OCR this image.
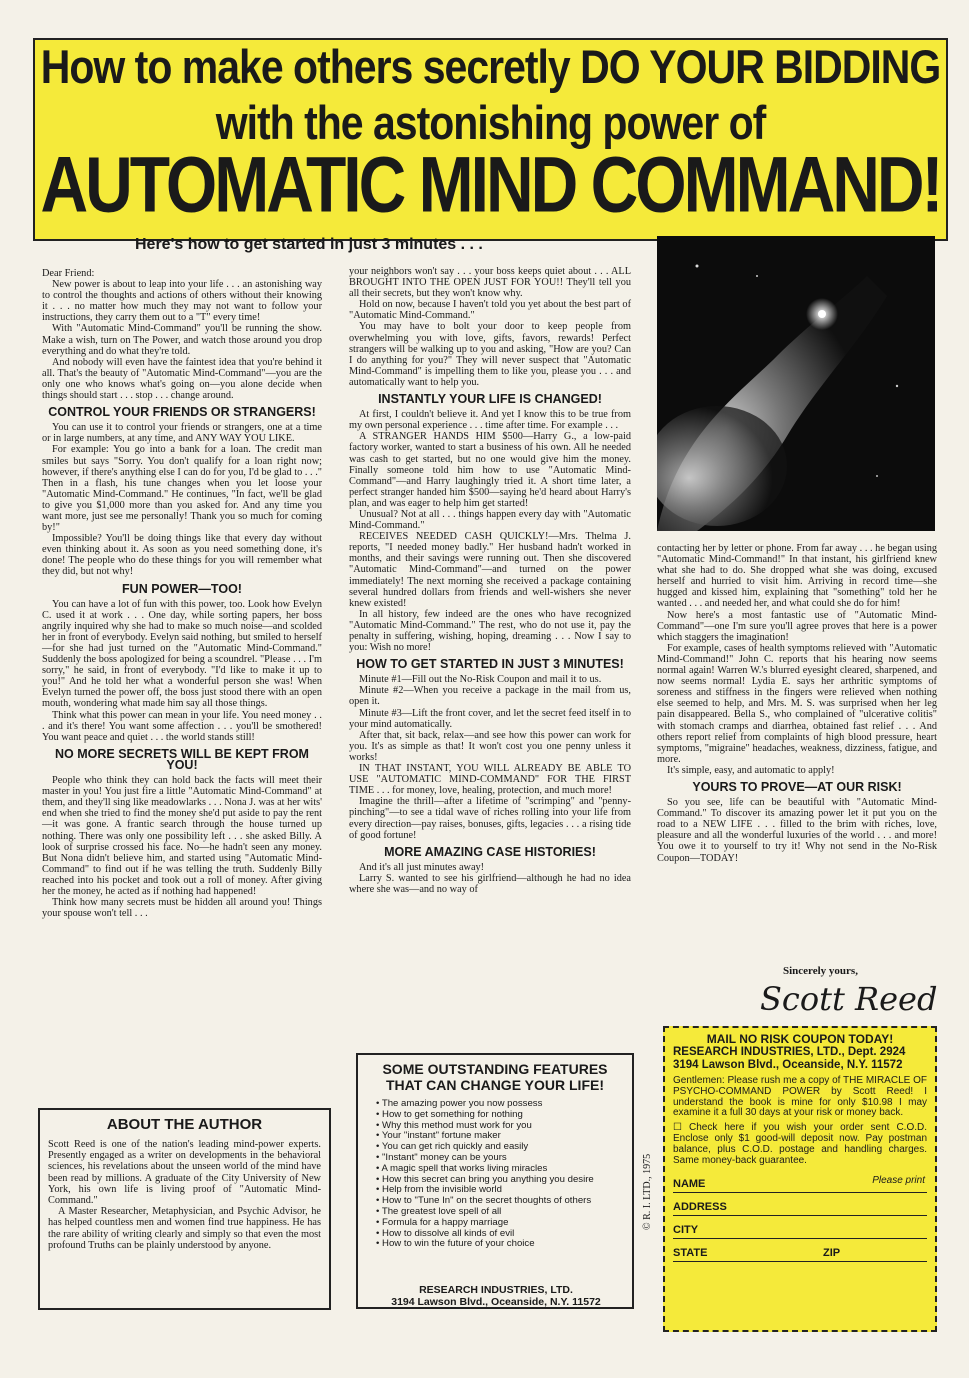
How to make others secretly DO YOUR BIDDING
with the astonishing power of
AUTOMATIC MIND COMMAND!
Here's how to get started in just 3 minutes . . .

Dear Friend:

New power is about to leap into your life . . . an astonishing way to control the thoughts and actions of others without their knowing it . . . no matter how much they may not want to follow your instructions, they carry them out to a "T" every time!

With "Automatic Mind-Command" you'll be running the show. Make a wish, turn on The Power, and watch those around you drop everything and do what they're told.

And nobody will even have the faintest idea that you're behind it all. That's the beauty of "Automatic Mind-Command"—you are the only one who knows what's going on—you alone decide when things should start . . . stop . . . change around.

CONTROL YOUR FRIENDS OR STRANGERS!

You can use it to control your friends or strangers, one at a time or in large numbers, at any time, and ANY WAY YOU LIKE.

For example: You go into a bank for a loan. The credit man smiles but says "Sorry. You don't qualify for a loan right now; however, if there's anything else I can do for you, I'd be glad to . . ." Then in a flash, his tune changes when you let loose your "Automatic Mind-Command." He continues, "In fact, we'll be glad to give you $1,000 more than you asked for. And any time you want more, just see me personally! Thank you so much for coming by!"

Impossible? You'll be doing things like that every day without even thinking about it. As soon as you need something done, it's done! The people who do these things for you will remember what they did, but not why!

FUN POWER—TOO!

You can have a lot of fun with this power, too. Look how Evelyn C. used it at work . . . One day, while sorting papers, her boss angrily inquired why she had to make so much noise—and scolded her in front of everybody. Evelyn said nothing, but smiled to herself—for she had just turned on the "Automatic Mind-Command." Suddenly the boss apologized for being a scoundrel. "Please . . . I'm sorry," he said, in front of everybody. "I'd like to make it up to you!" And he told her what a wonderful person she was! When Evelyn turned the power off, the boss just stood there with an open mouth, wondering what made him say all those things.

Think what this power can mean in your life. You need money . . . and it's there! You want some affection . . . you'll be smothered! You want peace and quiet . . . the world stands still!

NO MORE SECRETS WILL BE KEPT FROM YOU!

People who think they can hold back the facts will meet their master in you! You just fire a little "Automatic Mind-Command" at them, and they'll sing like meadowlarks . . . Nona J. was at her wits' end when she tried to find the money she'd put aside to pay the rent—it was gone. A frantic search through the house turned up nothing. There was only one possibility left . . . she asked Billy. A look of surprise crossed his face. No—he hadn't seen any money. But Nona didn't believe him, and started using "Automatic Mind-Command" to find out if he was telling the truth. Suddenly Billy reached into his pocket and took out a roll of money. After giving her the money, he acted as if nothing had happened!

Think how many secrets must be hidden all around you! Things your spouse won't tell . . .

your neighbors won't say . . . your boss keeps quiet about . . . ALL BROUGHT INTO THE OPEN JUST FOR YOU!! They'll tell you all their secrets, but they won't know why.

Hold on now, because I haven't told you yet about the best part of "Automatic Mind-Command."

You may have to bolt your door to keep people from overwhelming you with love, gifts, favors, rewards! Perfect strangers will be walking up to you and asking, "How are you? Can I do anything for you?" They will never suspect that "Automatic Mind-Command" is impelling them to like you, please you . . . and automatically want to help you.

INSTANTLY YOUR LIFE IS CHANGED!

At first, I couldn't believe it. And yet I know this to be true from my own personal experience . . . time after time. For example . . .

A STRANGER HANDS HIM $500—Harry G., a low-paid factory worker, wanted to start a business of his own. All he needed was cash to get started, but no one would give him the money. Finally someone told him how to use "Automatic Mind-Command"—and Harry laughingly tried it. A short time later, a perfect stranger handed him $500—saying he'd heard about Harry's plan, and was eager to help him get started!

Unusual? Not at all . . . things happen every day with "Automatic Mind-Command."

RECEIVES NEEDED CASH QUICKLY!—Mrs. Thelma J. reports, "I needed money badly." Her husband hadn't worked in months, and their savings were running out. Then she discovered "Automatic Mind-Command"—and turned on the power immediately! The next morning she received a package containing several hundred dollars from friends and well-wishers she never knew existed!

In all history, few indeed are the ones who have recognized "Automatic Mind-Command." The rest, who do not use it, pay the penalty in suffering, wishing, hoping, dreaming . . . Now I say to you: Wish no more!

HOW TO GET STARTED IN JUST 3 MINUTES!

Minute #1—Fill out the No-Risk Coupon and mail it to us.

Minute #2—When you receive a package in the mail from us, open it.

Minute #3—Lift the front cover, and let the secret feed itself in to your mind automatically.

After that, sit back, relax—and see how this power can work for you. It's as simple as that! It won't cost you one penny unless it works!

IN THAT INSTANT, YOU WILL ALREADY BE ABLE TO USE "AUTOMATIC MIND-COMMAND" FOR THE FIRST TIME . . . for money, love, healing, protection, and much more!

Imagine the thrill—after a lifetime of "scrimping" and "penny-pinching"—to see a tidal wave of riches rolling into your life from every direction—pay raises, bonuses, gifts, legacies . . . a rising tide of good fortune!

MORE AMAZING CASE HISTORIES!

And it's all just minutes away!

Larry S. wanted to see his girlfriend—although he had no idea where she was—and no way of

contacting her by letter or phone. From far away . . . he began using "Automatic Mind-Command!" In that instant, his girlfriend knew what she had to do. She dropped what she was doing, excused herself and hurried to visit him. Arriving in record time—she hugged and kissed him, explaining that "something" told her he wanted . . . and needed her, and what could she do for him!

Now here's a most fantastic use of "Automatic Mind-Command"—one I'm sure you'll agree proves that here is a power which staggers the imagination!

For example, cases of health symptoms relieved with "Automatic Mind-Command!" John C. reports that his hearing now seems normal again! Warren W.'s blurred eyesight cleared, sharpened, and now seems normal! Lydia E. says her arthritic symptoms of soreness and stiffness in the fingers were relieved when nothing else seemed to help, and Mrs. M. S. was surprised when her leg pain disappeared. Bella S., who complained of "ulcerative colitis" with stomach cramps and diarrhea, obtained fast relief . . . And others report relief from complaints of high blood pressure, heart symptoms, "migraine" headaches, weakness, dizziness, fatigue, and more.

It's simple, easy, and automatic to apply!

YOURS TO PROVE—AT OUR RISK!

So you see, life can be beautiful with "Automatic Mind-Command." To discover its amazing power let it put you on the road to a NEW LIFE . . . filled to the brim with riches, love, pleasure and all the wonderful luxuries of the world . . . and more! You owe it to yourself to try it! Why not send in the No-Risk Coupon—TODAY!

Sincerely yours,
Scott Reed
ABOUT THE AUTHOR

Scott Reed is one of the nation's leading mind-power experts. Presently engaged as a writer on developments in the behavioral sciences, his revelations about the unseen world of the mind have been read by millions. A graduate of the City University of New York, his own life is living proof of "Automatic Mind-Command."

A Master Researcher, Metaphysician, and Psychic Advisor, he has helped countless men and women find true happiness. He has the rare ability of writing clearly and simply so that even the most profound Truths can be plainly understood by anyone.

SOME OUTSTANDING FEATURES THAT CAN CHANGE YOUR LIFE!
• The amazing power you now possess
• How to get something for nothing
• Why this method must work for you
• Your "instant" fortune maker
• You can get rich quickly and easily
• "Instant" money can be yours
• A magic spell that works living miracles
• How this secret can bring you anything you desire
• Help from the invisible world
• How to "Tune In" on the secret thoughts of others
• The greatest love spell of all
• Formula for a happy marriage
• How to dissolve all kinds of evil
• How to win the future of your choice
RESEARCH INDUSTRIES, LTD.
3194 Lawson Blvd., Oceanside, N.Y. 11572
© R. I. LTD., 1975
MAIL NO RISK COUPON TODAY!
RESEARCH INDUSTRIES, LTD., Dept. 2924
3194 Lawson Blvd., Oceanside, N.Y. 11572
Gentlemen: Please rush me a copy of THE MIRACLE OF PSYCHO-COMMAND POWER by Scott Reed! I understand the book is mine for only $10.98 I may examine it a full 30 days at your risk or money back.
☐ Check here if you wish your order sent C.O.D. Enclose only $1 good-will deposit now. Pay postman balance, plus C.O.D. postage and handling charges. Same money-back guarantee.
NAME	Please print
ADDRESS
CITY
STATE	ZIP
